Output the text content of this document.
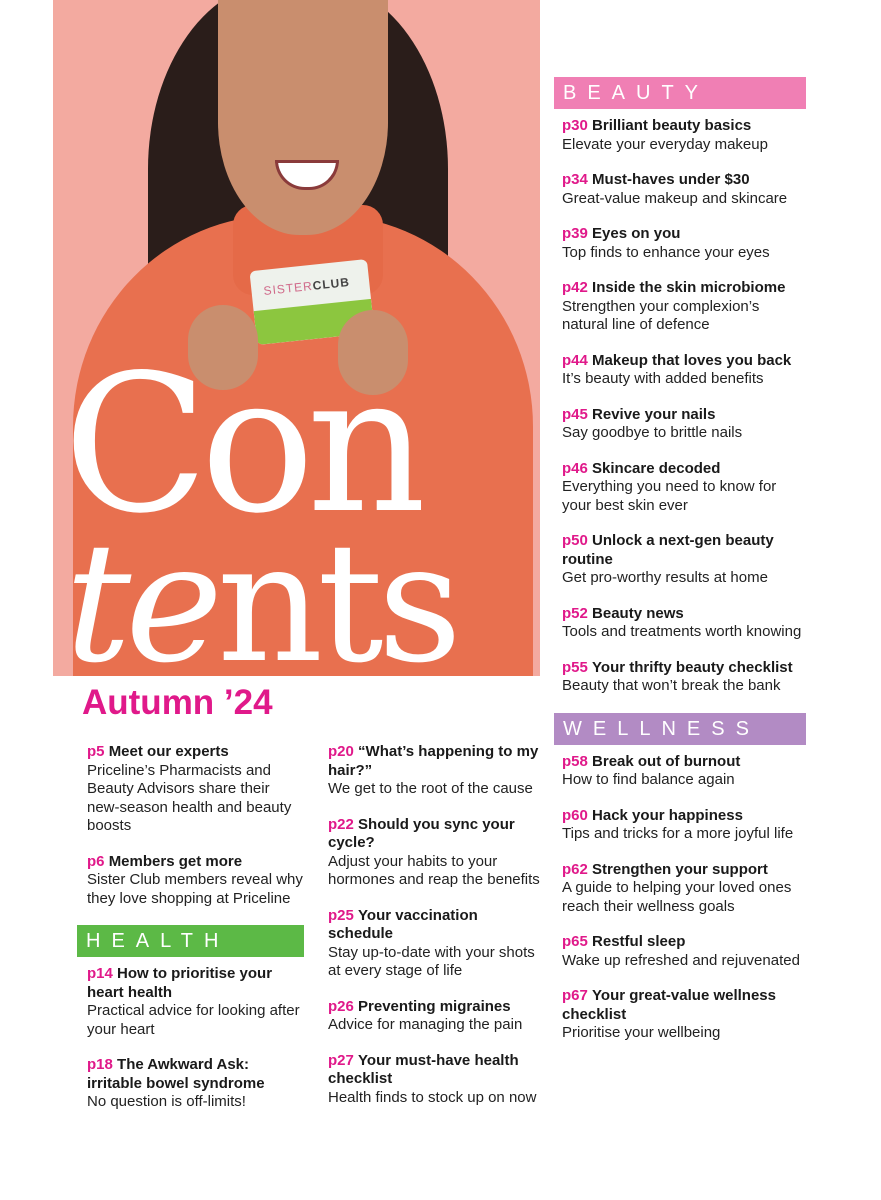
SISTERCLUB
Con
tents
Autumn ’24
p5 Meet our experts
Priceline’s Pharmacists and Beauty Advisors share their new-season health and beauty boosts
p6 Members get more
Sister Club members reveal why they love shopping at Priceline
HEALTH
p14 How to prioritise your heart health
Practical advice for looking after your heart
p18 The Awkward Ask: irritable bowel syndrome
No question is off-limits!
p20 “What’s happening to my hair?”
We get to the root of the cause
p22 Should you sync your cycle?
Adjust your habits to your hormones and reap the benefits
p25 Your vaccination schedule
Stay up-to-date with your shots at every stage of life
p26 Preventing migraines
Advice for managing the pain
p27 Your must-have health checklist
Health finds to stock up on now
BEAUTY
p30 Brilliant beauty basics
Elevate your everyday makeup
p34 Must-haves under $30
Great-value makeup and skincare
p39 Eyes on you
Top finds to enhance your eyes
p42 Inside the skin microbiome
Strengthen your complexion’s natural line of defence
p44 Makeup that loves you back
It’s beauty with added benefits
p45 Revive your nails
Say goodbye to brittle nails
p46 Skincare decoded
Everything you need to know for your best skin ever
p50 Unlock a next-gen beauty routine
Get pro-worthy results at home
p52 Beauty news
Tools and treatments worth knowing
p55 Your thrifty beauty checklist
Beauty that won’t break the bank
WELLNESS
p58 Break out of burnout
How to find balance again
p60 Hack your happiness
Tips and tricks for a more joyful life
p62 Strengthen your support
A guide to helping your loved ones reach their wellness goals
p65 Restful sleep
Wake up refreshed and rejuvenated
p67 Your great-value wellness checklist
Prioritise your wellbeing
